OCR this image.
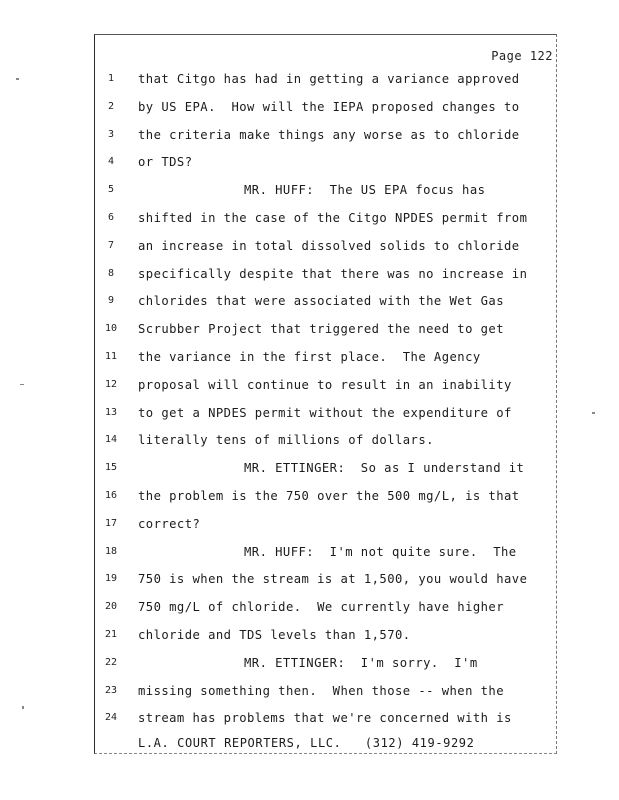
Page 122
1	that Citgo has had in getting a variance approved
2	by US EPA.  How will the IEPA proposed changes to
3	the criteria make things any worse as to chloride
4	or TDS?
5	MR. HUFF:  The US EPA focus has
6	shifted in the case of the Citgo NPDES permit from
7	an increase in total dissolved solids to chloride
8	specifically despite that there was no increase in
9	chlorides that were associated with the Wet Gas
10	Scrubber Project that triggered the need to get
11	the variance in the first place.  The Agency
12	proposal will continue to result in an inability
13	to get a NPDES permit without the expenditure of
14	literally tens of millions of dollars.
15	MR. ETTINGER:  So as I understand it
16	the problem is the 750 over the 500 mg/L, is that
17	correct?
18	MR. HUFF:  I'm not quite sure.  The
19	750 is when the stream is at 1,500, you would have
20	750 mg/L of chloride.  We currently have higher
21	chloride and TDS levels than 1,570.
22	MR. ETTINGER:  I'm sorry.  I'm
23	missing something then.  When those -- when the
24	stream has problems that we're concerned with is
L.A. COURT REPORTERS, LLC.   (312) 419-9292
